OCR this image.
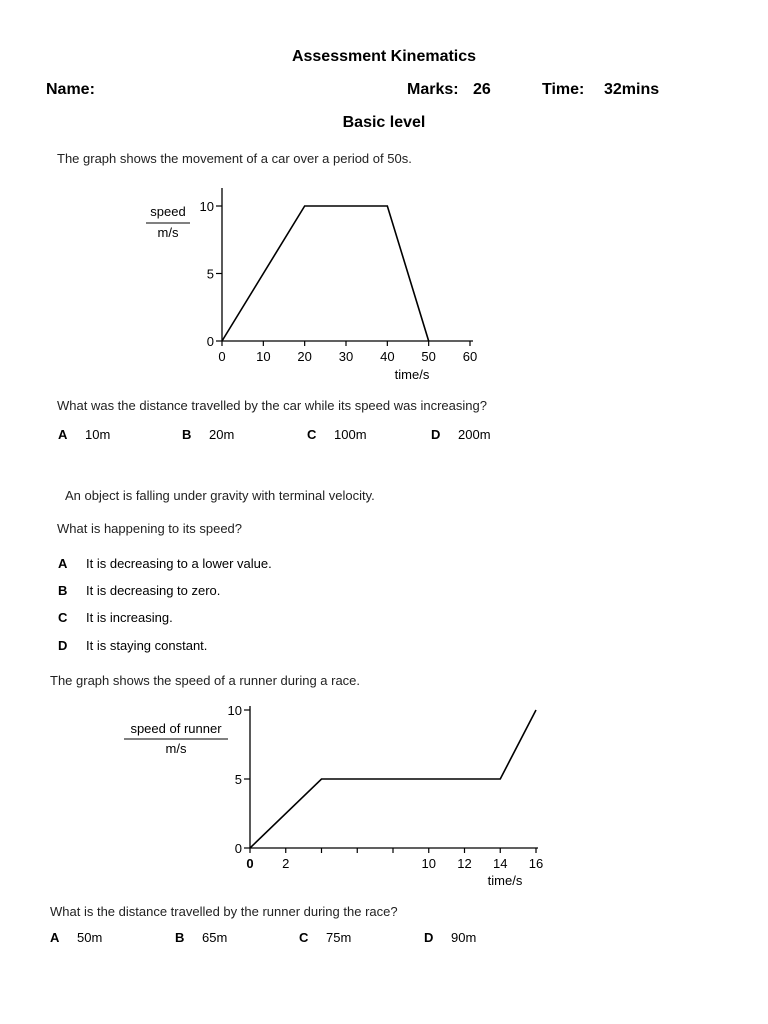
Assessment Kinematics
Name:	Marks: 26	Time: 32mins
Basic level
The graph shows the movement of a car over a period of 50s.
0 10 20 30 40 50 60
0
5
10
speed
m/s
time/s
What was the distance travelled by the car while its speed was increasing?
A 10m	B 20m	C 100m	D 200m
An object is falling under gravity with terminal velocity.
What is happening to its speed?
A It is decreasing to a lower value.
B It is decreasing to zero.
C It is increasing.
D It is staying constant.
The graph shows the speed of a runner during a race.
0 2	10 12 14 16
0
5
10
speed of runner
m/s
time/s
What is the distance travelled by the runner during the race?
A 50m	B 65m	C 75m	D 90m
